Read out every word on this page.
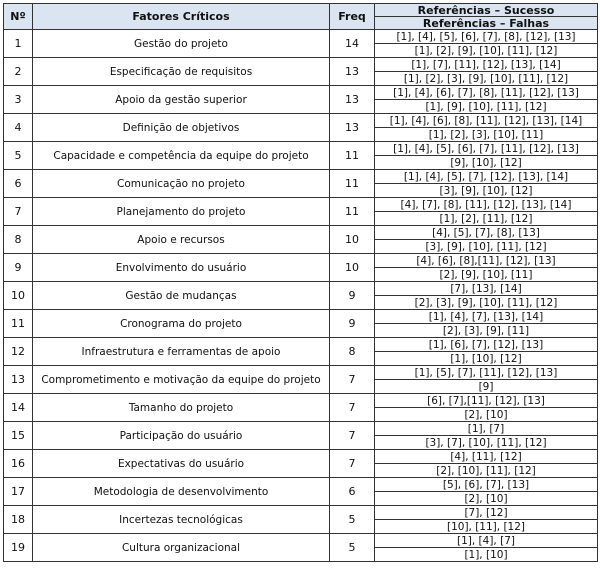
Nº	Fatores Críticos	Freq	Referências – Sucesso
			Referências – Falhas
1	Gestão do projeto	14	[1], [4], [5], [6], [7], [8], [12], [13]
			[1], [2], [9], [10], [11], [12]
2	Especificação de requisitos	13	[1], [7], [11], [12], [13], [14]
			[1], [2], [3], [9], [10], [11], [12]
3	Apoio da gestão superior	13	[1], [4], [6], [7], [8], [11], [12], [13]
			[1], [9], [10], [11], [12]
4	Definição de objetivos	13	[1], [4], [6], [8], [11], [12], [13], [14]
			[1], [2], [3], [10], [11]
5	Capacidade e competência da equipe do projeto	11	[1], [4], [5], [6], [7], [11], [12], [13]
			[9], [10], [12]
6	Comunicação no projeto	11	[1], [4], [5], [7], [12], [13], [14]
			[3], [9], [10], [12]
7	Planejamento do projeto	11	[4], [7], [8], [11], [12], [13], [14]
			[1], [2], [11], [12]
8	Apoio e recursos	10	[4], [5], [7], [8], [13]
			[3], [9], [10], [11], [12]
9	Envolvimento do usuário	10	[4], [6], [8],[11], [12], [13]
			[2], [9], [10], [11]
10	Gestão de mudanças	9	[7], [13], [14]
			[2], [3], [9], [10], [11], [12]
11	Cronograma do projeto	9	[1], [4], [7], [13], [14]
			[2], [3], [9], [11]
12	Infraestrutura e ferramentas de apoio	8	[1], [6], [7], [12], [13]
			[1], [10], [12]
13	Comprometimento e motivação da equipe do projeto	7	[1], [5], [7], [11], [12], [13]
			[9]
14	Tamanho do projeto	7	[6], [7],[11], [12], [13]
			[2], [10]
15	Participação do usuário	7	[1], [7]
			[3], [7], [10], [11], [12]
16	Expectativas do usuário	7	[4], [11], [12]
			[2], [10], [11], [12]
17	Metodologia de desenvolvimento	6	[5], [6], [7], [13]
			[2], [10]
18	Incertezas tecnológicas	5	[7], [12]
			[10], [11], [12]
19	Cultura organizacional	5	[1], [4], [7]
			[1], [10]
